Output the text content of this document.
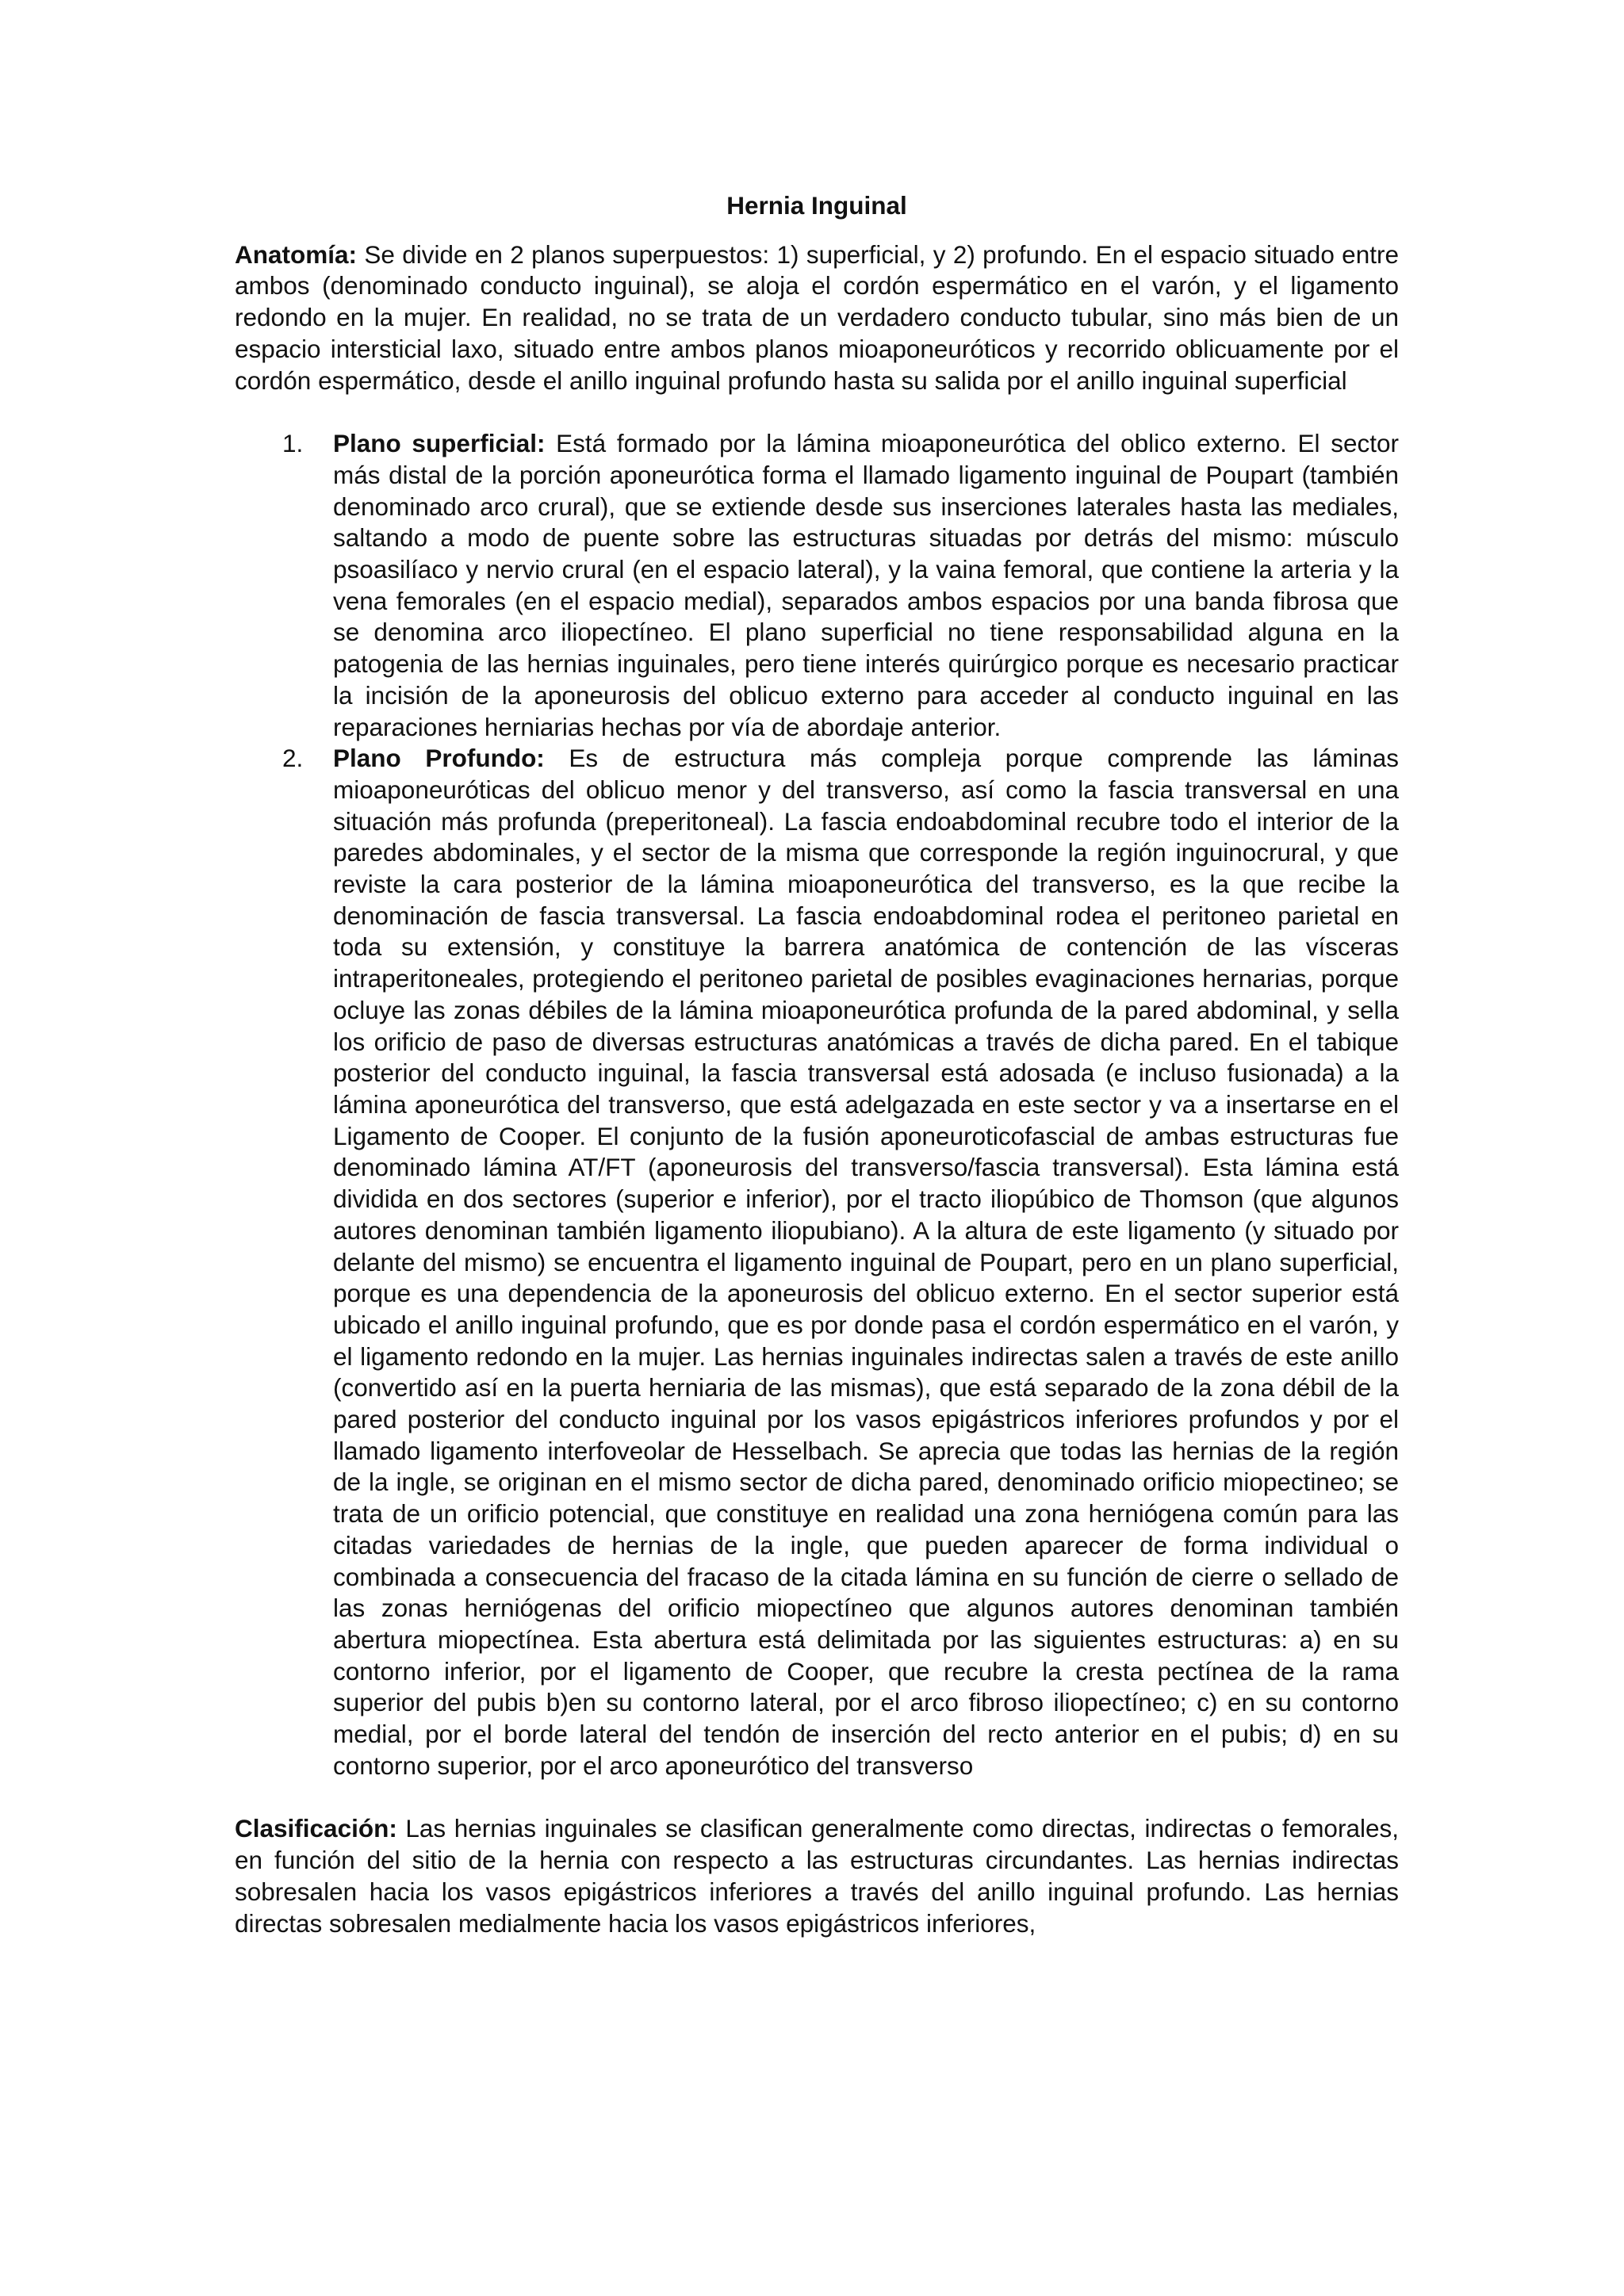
Hernia Inguinal

Anatomía: Se divide en 2 planos superpuestos: 1) superficial, y 2) profundo. En el espacio situado entre ambos (denominado conducto inguinal), se aloja el cordón espermático en el varón, y el ligamento redondo en la mujer. En realidad, no se trata de un verdadero conducto tubular, sino más bien de un espacio intersticial laxo, situado entre ambos planos mioaponeuróticos y recorrido oblicuamente por el cordón espermático, desde el anillo inguinal profundo hasta su salida por el anillo inguinal superficial

1. Plano superficial: Está formado por la lámina mioaponeurótica del oblico externo. El sector más distal de la porción aponeurótica forma el llamado ligamento inguinal de Poupart (también denominado arco crural), que se extiende desde sus inserciones laterales hasta las mediales, saltando a modo de puente sobre las estructuras situadas por detrás del mismo: músculo psoasilíaco y nervio crural (en el espacio lateral), y la vaina femoral, que contiene la arteria y la vena femorales (en el espacio medial), separados ambos espacios por una banda fibrosa que se denomina arco iliopectíneo. El plano superficial no tiene responsabilidad alguna en la patogenia de las hernias inguinales, pero tiene interés quirúrgico porque es necesario practicar la incisión de la aponeurosis del oblicuo externo para acceder al conducto inguinal en las reparaciones herniarias hechas por vía de abordaje anterior.
2. Plano Profundo: Es de estructura más compleja porque comprende las láminas mioaponeuróticas del oblicuo menor y del transverso, así como la fascia transversal en una situación más profunda (preperitoneal). La fascia endoabdominal recubre todo el interior de la paredes abdominales, y el sector de la misma que corresponde la región inguinocrural, y que reviste la cara posterior de la lámina mioaponeurótica del transverso, es la que recibe la denominación de fascia transversal. La fascia endoabdominal rodea el peritoneo parietal en toda su extensión, y constituye la barrera anatómica de contención de las vísceras intraperitoneales, protegiendo el peritoneo parietal de posibles evaginaciones hernarias, porque ocluye las zonas débiles de la lámina mioaponeurótica profunda de la pared abdominal, y sella los orificio de paso de diversas estructuras anatómicas a través de dicha pared. En el tabique posterior del conducto inguinal, la fascia transversal está adosada (e incluso fusionada) a la lámina aponeurótica del transverso, que está adelgazada en este sector y va a insertarse en el Ligamento de Cooper. El conjunto de la fusión aponeuroticofascial de ambas estructuras fue denominado lámina AT/FT (aponeurosis del transverso/fascia transversal). Esta lámina está dividida en dos sectores (superior e inferior), por el tracto iliopúbico de Thomson (que algunos autores denominan también ligamento iliopubiano). A la altura de este ligamento (y situado por delante del mismo) se encuentra el ligamento inguinal de Poupart, pero en un plano superficial, porque es una dependencia de la aponeurosis del oblicuo externo. En el sector superior está ubicado el anillo inguinal profundo, que es por donde pasa el cordón espermático en el varón, y el ligamento redondo en la mujer. Las hernias inguinales indirectas salen a través de este anillo (convertido así en la puerta herniaria de las mismas), que está separado de la zona débil de la pared posterior del conducto inguinal por los vasos epigástricos inferiores profundos y por el llamado ligamento interfoveolar de Hesselbach. Se aprecia que todas las hernias de la región de la ingle, se originan en el mismo sector de dicha pared, denominado orificio miopectineo; se trata de un orificio potencial, que constituye en realidad una zona herniógena común para las citadas variedades de hernias de la ingle, que pueden aparecer de forma individual o combinada a consecuencia del fracaso de la citada lámina en su función de cierre o sellado de las zonas herniógenas del orificio miopectíneo que algunos autores denominan también abertura miopectínea. Esta abertura está delimitada por las siguientes estructuras: a) en su contorno inferior, por el ligamento de Cooper, que recubre la cresta pectínea de la rama superior del pubis b)en su contorno lateral, por el arco fibroso iliopectíneo; c) en su contorno medial, por el borde lateral del tendón de inserción del recto anterior en el pubis; d) en su contorno superior, por el arco aponeurótico del transverso

Clasificación: Las hernias inguinales se clasifican generalmente como directas, indirectas o femorales, en función del sitio de la hernia con respecto a las estructuras circundantes. Las hernias indirectas sobresalen hacia los vasos epigástricos inferiores a través del anillo inguinal profundo. Las hernias directas sobresalen medialmente hacia los vasos epigástricos inferiores,
